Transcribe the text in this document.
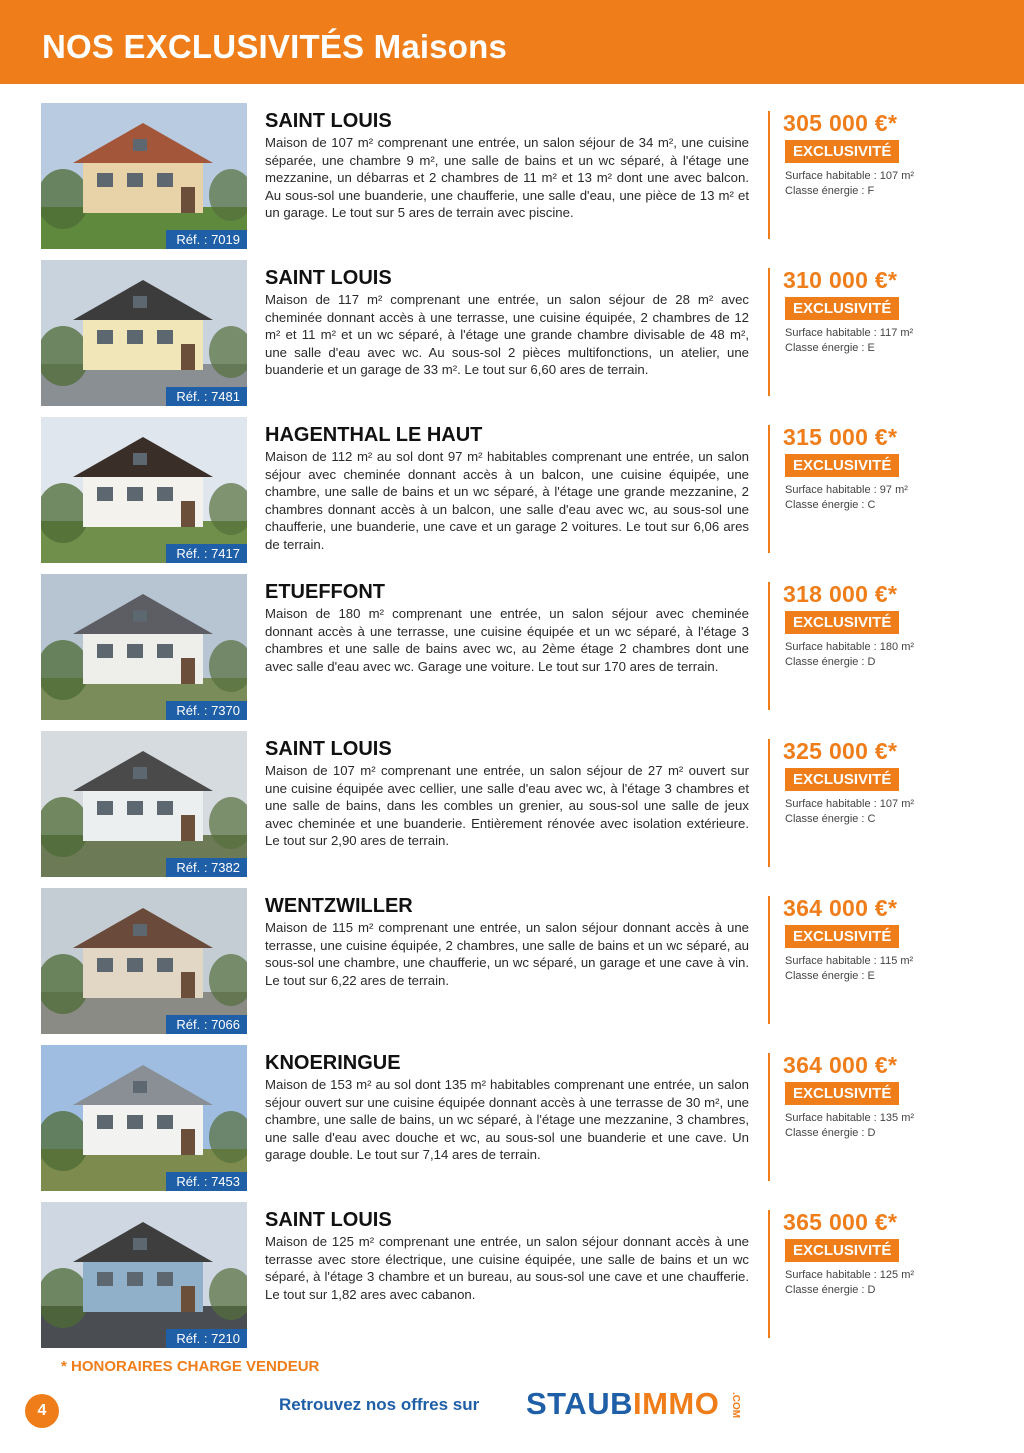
NOS EXCLUSIVITÉS Maisons
Réf. : 7019
SAINT LOUIS
Maison de 107 m² comprenant une entrée, un salon séjour de 34 m², une cuisine séparée, une chambre 9 m², une salle de bains et un wc séparé, à l'étage une mezzanine, un débarras et 2 chambres de 11 m² et 13 m² dont une avec balcon. Au sous-sol une buanderie, une chaufferie, une salle d'eau, une pièce de 13 m² et un garage. Le tout sur 5 ares de terrain avec piscine.
305 000 €*
EXCLUSIVITÉ
Surface habitable : 107 m²
Classe énergie : F
Réf. : 7481
SAINT LOUIS
Maison de 117 m² comprenant une entrée, un salon séjour de 28 m² avec cheminée donnant accès à une terrasse, une cuisine équipée, 2 chambres de 12 m² et 11 m² et un wc séparé, à l'étage une grande chambre divisable de 48 m², une salle d'eau avec wc. Au sous-sol 2 pièces multifonctions, un atelier, une buanderie et un garage de 33 m². Le tout sur 6,60 ares de terrain.
310 000 €*
EXCLUSIVITÉ
Surface habitable : 117 m²
Classe énergie : E
Réf. : 7417
HAGENTHAL LE HAUT
Maison de 112 m² au sol dont 97 m² habitables comprenant une entrée, un salon séjour avec cheminée donnant accès à un balcon, une cuisine équipée, une chambre, une salle de bains et un wc séparé, à l'étage une grande mezzanine, 2 chambres donnant accès à un balcon, une salle d'eau avec wc, au sous-sol une chaufferie, une buanderie, une cave et un garage 2 voitures. Le tout sur 6,06 ares de terrain.
315 000 €*
EXCLUSIVITÉ
Surface habitable : 97 m²
Classe énergie : C
Réf. : 7370
ETUEFFONT
Maison de 180 m² comprenant une entrée, un salon séjour avec cheminée donnant accès à une terrasse, une cuisine équipée et un wc séparé, à l'étage 3 chambres et une salle de bains avec wc, au 2ème étage 2 chambres dont une avec salle d'eau avec wc. Garage une voiture. Le tout sur 170 ares de terrain.
318 000 €*
EXCLUSIVITÉ
Surface habitable : 180 m²
Classe énergie : D
Réf. : 7382
SAINT LOUIS
Maison de 107 m² comprenant une entrée, un salon séjour de 27 m² ouvert sur une cuisine équipée avec cellier, une salle d'eau avec wc, à l'étage 3 chambres et une salle de bains, dans les combles un grenier, au sous-sol une salle de jeux avec cheminée et une buanderie. Entièrement rénovée avec isolation extérieure. Le tout sur 2,90 ares de terrain.
325 000 €*
EXCLUSIVITÉ
Surface habitable : 107 m²
Classe énergie : C
Réf. : 7066
WENTZWILLER
Maison de 115 m² comprenant une entrée, un salon séjour donnant accès à une terrasse, une cuisine équipée, 2 chambres, une salle de bains et un wc séparé, au sous-sol une chambre, une chaufferie, un wc séparé, un garage et une cave à vin. Le tout sur 6,22 ares de terrain.
364 000 €*
EXCLUSIVITÉ
Surface habitable : 115 m²
Classe énergie : E
Réf. : 7453
KNOERINGUE
Maison de 153 m² au sol dont 135 m² habitables comprenant une entrée, un salon séjour ouvert sur une cuisine équipée donnant accès à une terrasse de 30 m², une chambre, une salle de bains, un wc séparé, à l'étage une mezzanine, 3 chambres, une salle d'eau avec douche et wc, au sous-sol une buanderie et une cave. Un garage double. Le tout sur 7,14 ares de terrain.
364 000 €*
EXCLUSIVITÉ
Surface habitable : 135 m²
Classe énergie : D
Réf. : 7210
SAINT LOUIS
Maison de 125 m² comprenant une entrée, un salon séjour donnant accès à une terrasse avec store électrique, une cuisine équipée, une salle de bains et un wc séparé, à l'étage 3 chambre et un bureau, au sous-sol une cave et une chaufferie. Le tout sur 1,82 ares avec cabanon.
365 000 €*
EXCLUSIVITÉ
Surface habitable : 125 m²
Classe énergie : D
* HONORAIRES CHARGE VENDEUR
4	Retrouvez nos offres sur STAUBIMMO .COM
